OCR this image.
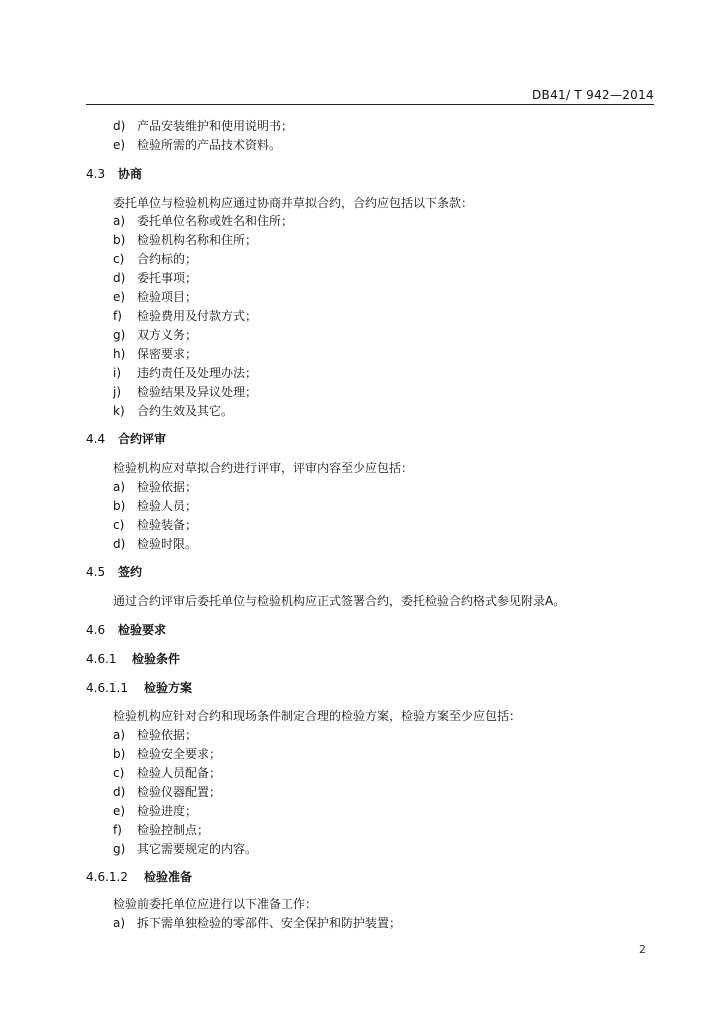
DB41/ T 942—2014
d) 产品安装维护和使用说明书；
e) 检验所需的产品技术资料。
4.3 协商
委托单位与检验机构应通过协商并草拟合约，合约应包括以下条款：
a) 委托单位名称或姓名和住所；
b) 检验机构名称和住所；
c) 合约标的；
d) 委托事项；
e) 检验项目；
f) 检验费用及付款方式；
g) 双方义务；
h) 保密要求；
i) 违约责任及处理办法；
j) 检验结果及异议处理；
k) 合约生效及其它。
4.4 合约评审
检验机构应对草拟合约进行评审，评审内容至少应包括：
a) 检验依据；
b) 检验人员；
c) 检验装备；
d) 检验时限。
4.5 签约
通过合约评审后委托单位与检验机构应正式签署合约，委托检验合约格式参见附录A。
4.6 检验要求
4.6.1 检验条件
4.6.1.1 检验方案
检验机构应针对合约和现场条件制定合理的检验方案，检验方案至少应包括：
a) 检验依据；
b) 检验安全要求；
c) 检验人员配备；
d) 检验仪器配置；
e) 检验进度；
f) 检验控制点；
g) 其它需要规定的内容。
4.6.1.2 检验准备
检验前委托单位应进行以下准备工作：
a) 拆下需单独检验的零部件、安全保护和防护装置；
2
